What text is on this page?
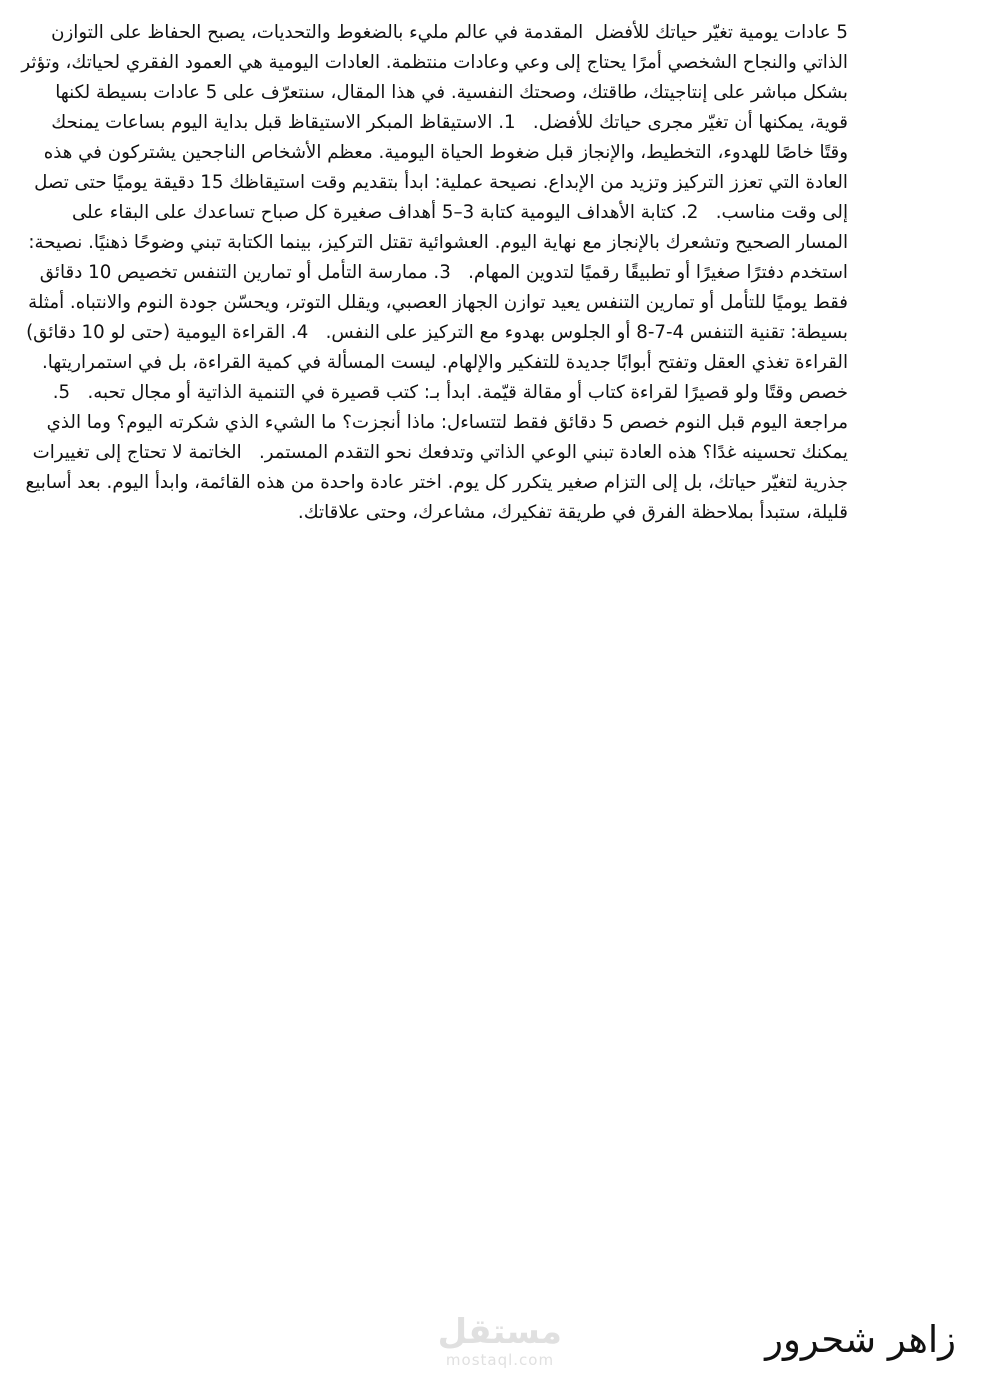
5 عادات يومية تغيّر حياتك للأفضل  المقدمة في عالم مليء بالضغوط والتحديات، يصبح الحفاظ على التوازن الذاتي والنجاح الشخصي أمرًا يحتاج إلى وعي وعادات منتظمة. العادات اليومية هي العمود الفقري لحياتك، وتؤثر بشكل مباشر على إنتاجيتك، طاقتك، وصحتك النفسية. في هذا المقال، سنتعرّف على 5 عادات بسيطة لكنها قوية، يمكنها أن تغيّر مجرى حياتك للأفضل.   1. الاستيقاظ المبكر الاستيقاظ قبل بداية اليوم بساعات يمنحك وقتًا خاصًا للهدوء، التخطيط، والإنجاز قبل ضغوط الحياة اليومية. معظم الأشخاص الناجحين يشتركون في هذه العادة التي تعزز التركيز وتزيد من الإبداع. نصيحة عملية: ابدأ بتقديم وقت استيقاظك 15 دقيقة يوميًا حتى تصل إلى وقت مناسب.   2. كتابة الأهداف اليومية كتابة 3–5 أهداف صغيرة كل صباح تساعدك على البقاء على المسار الصحيح وتشعرك بالإنجاز مع نهاية اليوم. العشوائية تقتل التركيز، بينما الكتابة تبني وضوحًا ذهنيًا. نصيحة: استخدم دفترًا صغيرًا أو تطبيقًا رقميًا لتدوين المهام.   3. ممارسة التأمل أو تمارين التنفس تخصيص 10 دقائق فقط يوميًا للتأمل أو تمارين التنفس يعيد توازن الجهاز العصبي، ويقلل التوتر، ويحسّن جودة النوم والانتباه. أمثلة بسيطة: تقنية التنفس 4-7-8 أو الجلوس بهدوء مع التركيز على النفس.   4. القراءة اليومية (حتى لو 10 دقائق) القراءة تغذي العقل وتفتح أبوابًا جديدة للتفكير والإلهام. ليست المسألة في كمية القراءة، بل في استمراريتها. خصص وقتًا ولو قصيرًا لقراءة كتاب أو مقالة قيّمة. ابدأ بـ: كتب قصيرة في التنمية الذاتية أو مجال تحبه.   5. مراجعة اليوم قبل النوم خصص 5 دقائق فقط لتتساءل: ماذا أنجزت؟ ما الشيء الذي شكرته اليوم؟ وما الذي يمكنك تحسينه غدًا؟ هذه العادة تبني الوعي الذاتي وتدفعك نحو التقدم المستمر.   الخاتمة لا تحتاج إلى تغييرات جذرية لتغيّر حياتك، بل إلى التزام صغير يتكرر كل يوم. اختر عادة واحدة من هذه القائمة، وابدأ اليوم. بعد أسابيع قليلة، ستبدأ بملاحظة الفرق في طريقة تفكيرك، مشاعرك، وحتى علاقاتك.
مستقل
mostaql.com	زاهر شحرور
